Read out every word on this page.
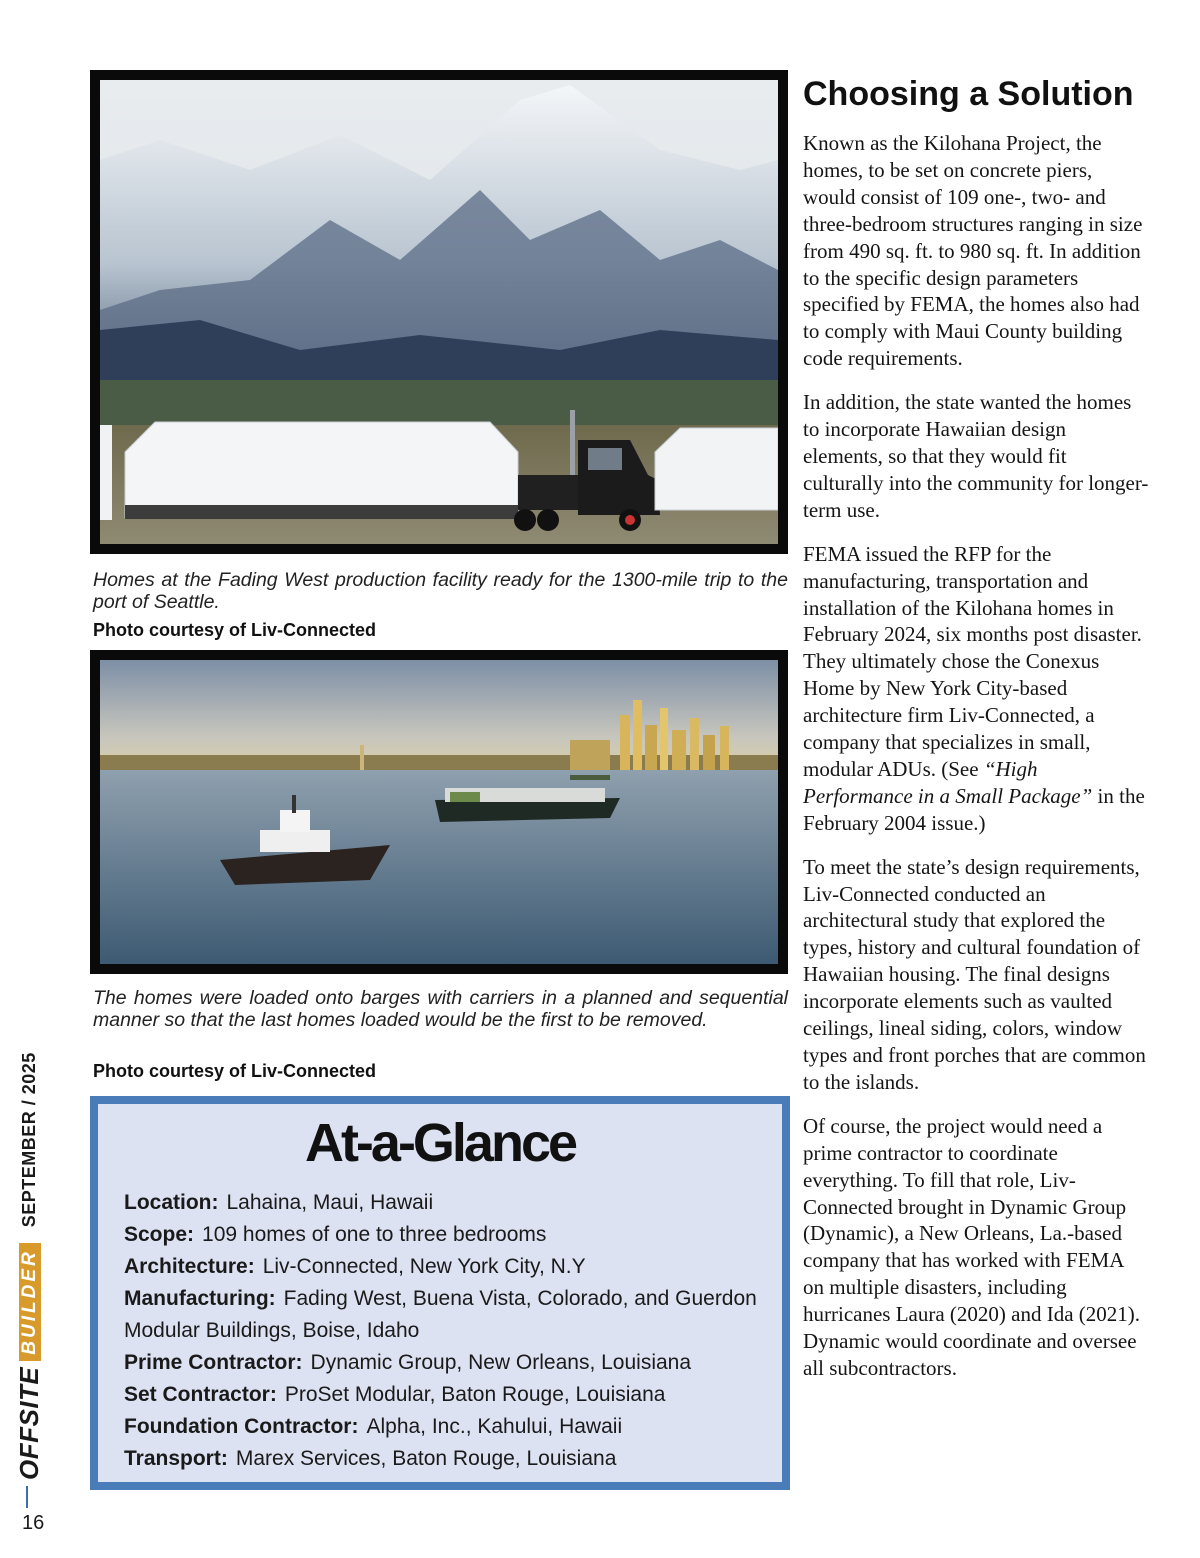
OFFSITE
BUILDER
SEPTEMBER / 2025
16
Homes at the Fading West production facility ready for the 1300-mile trip to the port of Seattle.
Photo courtesy of Liv-Connected
The homes were loaded onto barges with carriers in a planned and sequential manner so that the last homes loaded would be the first to be removed.
Photo courtesy of Liv-Connected
At-a-Glance
Location: Lahaina, Maui, Hawaii
Scope: 109 homes of one to three bedrooms
Architecture: Liv-Connected, New York City, N.Y
Manufacturing: Fading West, Buena Vista, Colorado, and Guerdon Modular Buildings, Boise, Idaho
Prime Contractor: Dynamic Group, New Orleans, Louisiana
Set Contractor: ProSet Modular, Baton Rouge, Louisiana
Foundation Contractor: Alpha, Inc., Kahului, Hawaii
Transport: Marex Services, Baton Rouge, Louisiana
Choosing a Solution

Known as the Kilohana Project, the homes, to be set on concrete piers, would consist of 109 one-, two- and three-bedroom structures ranging in size from 490 sq. ft. to 980 sq. ft. In addition to the specific design parameters specified by FEMA, the homes also had to comply with Maui County building code requirements.

In addition, the state wanted the homes to incorporate Hawaiian design elements, so that they would fit culturally into the community for longer-term use.

FEMA issued the RFP for the manufacturing, transportation and installation of the Kilohana homes in February 2024, six months post disaster. They ultimately chose the Conexus Home by New York City-based architecture firm Liv-Connected, a company that specializes in small, modular ADUs. (See “High Performance in a Small Package” in the February 2004 issue.)

To meet the state’s design requirements, Liv-Connected conducted an architectural study that explored the types, history and cultural foundation of Hawaiian housing. The final designs incorporate elements such as vaulted ceilings, lineal siding, colors, window types and front porches that are common to the islands.

Of course, the project would need a prime contractor to coordinate everything. To fill that role, Liv-Connected brought in Dynamic Group (Dynamic), a New Orleans, La.-based company that has worked with FEMA on multiple disasters, including hurricanes Laura (2020) and Ida (2021). Dynamic would coordinate and oversee all subcontractors.
